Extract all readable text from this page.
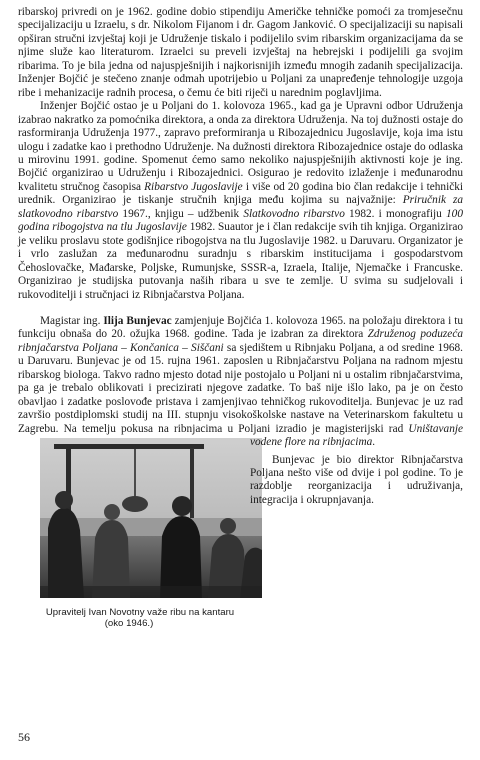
ribarskoj privredi on je 1962. godine dobio stipendiju Američke tehničke pomoći za tromjesečnu specijalizaciju u Izraelu, s dr. Nikolom Fijanom i dr. Gagom Janković. O specijalizaciji su napisali opširan stručni izvještaj koji je Udruženje tiskalo i podijelilo svim ribarskim organizacijama da se njime služe kao literaturom. Izraelci su preveli izvještaj na hebrejski i podijelili ga svojim ribarima. To je bila jedna od najuspješnijih i najkorisnijih između mnogih zadanih specijalizacija. Inženjer Bojčić je stečeno znanje odmah upotrijebio u Poljani za unapređenje tehnologije uzgoja ribe i mehanizacije radnih procesa, o čemu će biti riječi u narednim poglavljima.

Inženjer Bojčić ostao je u Poljani do 1. kolovoza 1965., kad ga je Upravni odbor Udruženja izabrao nakratko za pomoćnika direktora, a onda za direktora Udruženja. Na toj dužnosti ostaje do rasformiranja Udruženja 1977., zapravo preformiranja u Ribozajednicu Jugoslavije, koja ima istu ulogu i zadatke kao i prethodno Udruženje. Na dužnosti direktora Ribozajednice ostaje do odlaska u mirovinu 1991. godine. Spomenut ćemo samo nekoliko najuspješnijih aktivnosti koje je ing. Bojčić organizirao u Udruženju i Ribozajednici. Osigurao je redovito izlaženje i međunarodnu kvalitetu stručnog časopisa Ribarstvo Jugoslavije i više od 20 godina bio član redakcije i tehnički urednik. Organizirao je tiskanje stručnih knjiga među kojima su najvažnije: Priručnik za slatkovodno ribarstvo 1967., knjigu – udžbenik Slatkovodno ribarstvo 1982. i monografiju 100 godina ribogojstva na tlu Jugoslavije 1982. Suautor je i član redakcije svih tih knjiga. Organizirao je veliku proslavu stote godišnjice ribogojstva na tlu Jugoslavije 1982. u Daruvaru. Organizator je i vrlo zaslužan za međunarodnu suradnju s ribarskim institucijama i gospodarstvom Čehoslovačke, Mađarske, Poljske, Rumunjske, SSSR-a, Izraela, Italije, Njemačke i Francuske. Organizirao je studijska putovanja naših ribara u sve te zemlje. U svima su sudjelovali i rukovoditelji i stručnjaci iz Ribnjačarstva Poljana.

Magistar ing. Ilija Bunjevac zamjenjuje Bojčića 1. kolovoza 1965. na položaju direktora i tu funkciju obnaša do 20. ožujka 1968. godine. Tada je izabran za direktora Združenog poduzeća ribnjačarstva Poljana – Končanica – Siščani sa sjedištem u Ribnjaku Poljana, a od sredine 1968. u Daruvaru. Bunjevac je od 15. rujna 1961. zaposlen u Ribnjačarstvu Poljana na radnom mjestu ribarskog biologa. Takvo radno mjesto dotad nije postojalo u Poljani ni u ostalim ribnjačarstvima, pa ga je trebalo oblikovati i precizirati njegove zadatke. To baš nije išlo lako, pa je on često obavljao i zadatke poslovođe pristava i zamjenjivao tehničkog rukovoditelja. Bunjevac je uz rad završio postdiplomski studij na III. stupnju visokoškolske nastave na Veterinarskom fakultetu u Zagrebu. Na temelju pokusa na ribnjacima u Poljani izradio je magisterijski rad
Upravitelj Ivan Novotny važe ribu na kantaru (oko 1946.)
Uništavanje vodene flore na ribnjacima.

Bunjevac je bio direktor Ribnjačarstva Poljana nešto više od dvije i pol godine. To je razdoblje reorganizacija i udruživanja, integracija i okrupnjavanja.

56
